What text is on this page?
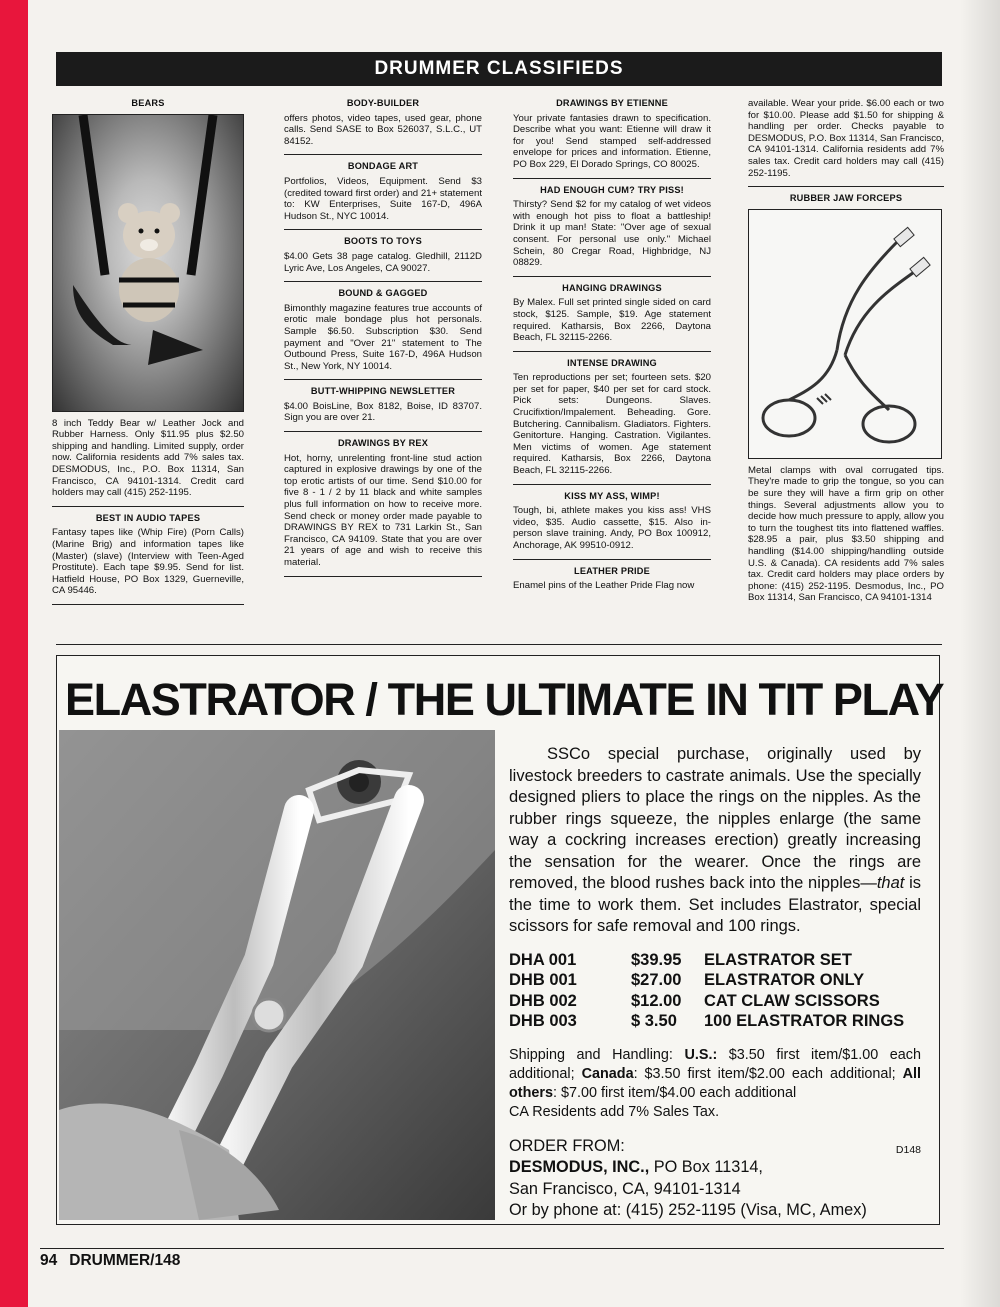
DRUMMER CLASSIFIEDS
BEARS

8 inch Teddy Bear w/ Leather Jock and Rubber Harness. Only $11.95 plus $2.50 shipping and handling. Limited supply, order now. California residents add 7% sales tax. DESMODUS, Inc., P.O. Box 11314, San Francisco, CA 94101-1314. Credit card holders may call (415) 252-1195.

BEST IN AUDIO TAPES

Fantasy tapes like (Whip Fire) (Porn Calls) (Marine Brig) and information tapes like (Master) (slave) (Interview with Teen-Aged Prostitute). Each tape $9.95. Send for list. Hatfield House, PO Box 1329, Guerneville, CA 95446.

BODY-BUILDER

offers photos, video tapes, used gear, phone calls. Send SASE to Box 526037, S.L.C., UT 84152.

BONDAGE ART

Portfolios, Videos, Equipment. Send $3 (credited toward first order) and 21+ statement to: KW Enterprises, Suite 167-D, 496A Hudson St., NYC 10014.

BOOTS TO TOYS

$4.00 Gets 38 page catalog. Gledhill, 2112D Lyric Ave, Los Angeles, CA 90027.

BOUND & GAGGED

Bimonthly magazine features true accounts of erotic male bondage plus hot personals. Sample $6.50. Subscription $30. Send payment and "Over 21" statement to The Outbound Press, Suite 167-D, 496A Hudson St., New York, NY 10014.

BUTT-WHIPPING NEWSLETTER

$4.00 BoisLine, Box 8182, Boise, ID 83707. Sign you are over 21.

DRAWINGS BY REX

Hot, horny, unrelenting front-line stud action captured in explosive drawings by one of the top erotic artists of our time. Send $10.00 for five 8 - 1 / 2 by 11 black and white samples plus full information on how to receive more. Send check or money order made payable to DRAWINGS BY REX to 731 Larkin St., San Francisco, CA 94109. State that you are over 21 years of age and wish to receive this material.

DRAWINGS BY ETIENNE

Your private fantasies drawn to specification. Describe what you want: Etienne will draw it for you! Send stamped self-addressed envelope for prices and information. Etienne, PO Box 229, El Dorado Springs, CO 80025.

HAD ENOUGH CUM? TRY PISS!

Thirsty? Send $2 for my catalog of wet videos with enough hot piss to float a battleship! Drink it up man! State: "Over age of sexual consent. For personal use only." Michael Schein, 80 Cregar Road, Highbridge, NJ 08829.

HANGING DRAWINGS

By Malex. Full set printed single sided on card stock, $125. Sample, $19. Age statement required. Katharsis, Box 2266, Daytona Beach, FL 32115-2266.

INTENSE DRAWING

Ten reproductions per set; fourteen sets. $20 per set for paper, $40 per set for card stock. Pick sets: Dungeons. Slaves. Crucifixtion/Impalement. Beheading. Gore. Butchering. Cannibalism. Gladiators. Fighters. Genitorture. Hanging. Castration. Vigilantes. Men victims of women. Age statement required. Katharsis, Box 2266, Daytona Beach, FL 32115-2266.

KISS MY ASS, WIMP!

Tough, bi, athlete makes you kiss ass! VHS video, $35. Audio cassette, $15. Also in-person slave training. Andy, PO Box 100912, Anchorage, AK 99510-0912.

LEATHER PRIDE

Enamel pins of the Leather Pride Flag now

available. Wear your pride. $6.00 each or two for $10.00. Please add $1.50 for shipping & handling per order. Checks payable to DESMODUS, P.O. Box 11314, San Francisco, CA 94101-1314. California residents add 7% sales tax. Credit card holders may call (415) 252-1195.

RUBBER JAW FORCEPS

Metal clamps with oval corrugated tips. They're made to grip the tongue, so you can be sure they will have a firm grip on other things. Several adjustments allow you to decide how much pressure to apply, allow you to turn the toughest tits into flattened waffles. $28.95 a pair, plus $3.50 shipping and handling ($14.00 shipping/handling outside U.S. & Canada). CA residents add 7% sales tax. Credit card holders may place orders by phone: (415) 252-1195. Desmodus, Inc., PO Box 11314, San Francisco, CA 94101-1314

ELASTRATOR / THE ULTIMATE IN TIT PLAY

SSCo special purchase, originally used by livestock breeders to castrate animals. Use the specially designed pliers to place the rings on the nipples. As the rubber rings squeeze, the nipples enlarge (the same way a cockring increases erection) greatly increasing the sensation for the wearer. Once the rings are removed, the blood rushes back into the nipples—that is the time to work them. Set includes Elastrator, special scissors for safe removal and 100 rings.

DHA 001	$39.95	ELASTRATOR SET
DHB 001	$27.00	ELASTRATOR ONLY
DHB 002	$12.00	CAT CLAW SCISSORS
DHB 003	$ 3.50	100 ELASTRATOR RINGS
Shipping and Handling: U.S.: $3.50 first item/$1.00 each additional; Canada: $3.50 first item/$2.00 each additional; All others: $7.00 first item/$4.00 each additional
CA Residents add 7% Sales Tax.
ORDER FROM:	D148
DESMODUS, INC., PO Box 11314,
San Francisco, CA, 94101-1314
Or by phone at: (415) 252-1195 (Visa, MC, Amex)
94 DRUMMER/148
